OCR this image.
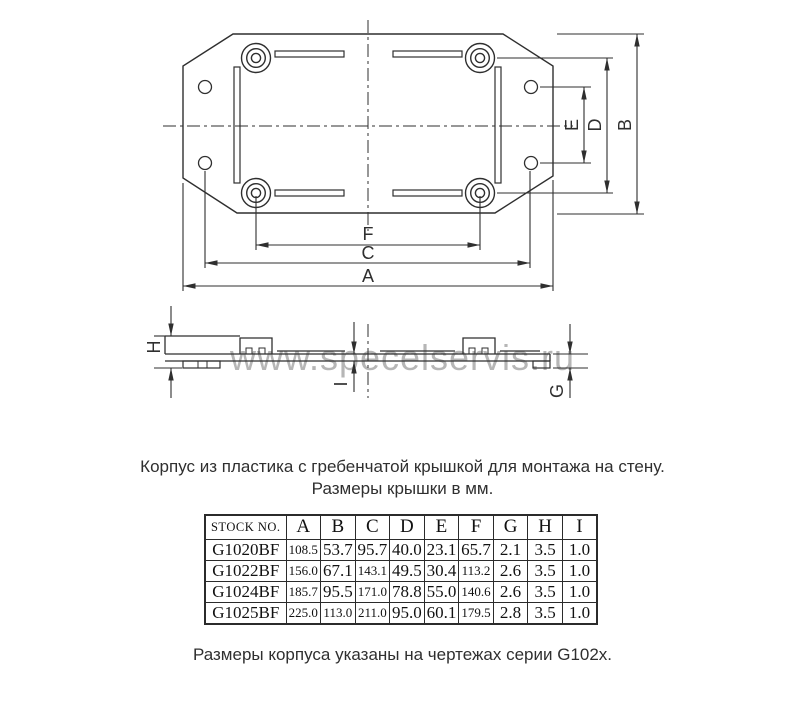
www.specelservis.ru
F
C
A
E D B
H
I	G
Корпус из пластика с гребенчатой крышкой для монтажа на стену.
Размеры крышки в мм.
STOCK NO.	A	B	C	D	E	F	G	H	I
G1020BF	108.5	53.7	95.7	40.0	23.1	65.7	2.1	3.5	1.0
G1022BF	156.0	67.1	143.1	49.5	30.4	113.2	2.6	3.5	1.0
G1024BF	185.7	95.5	171.0	78.8	55.0	140.6	2.6	3.5	1.0
G1025BF	225.0	113.0	211.0	95.0	60.1	179.5	2.8	3.5	1.0
Размеры корпуса указаны на чертежах серии G102x.
